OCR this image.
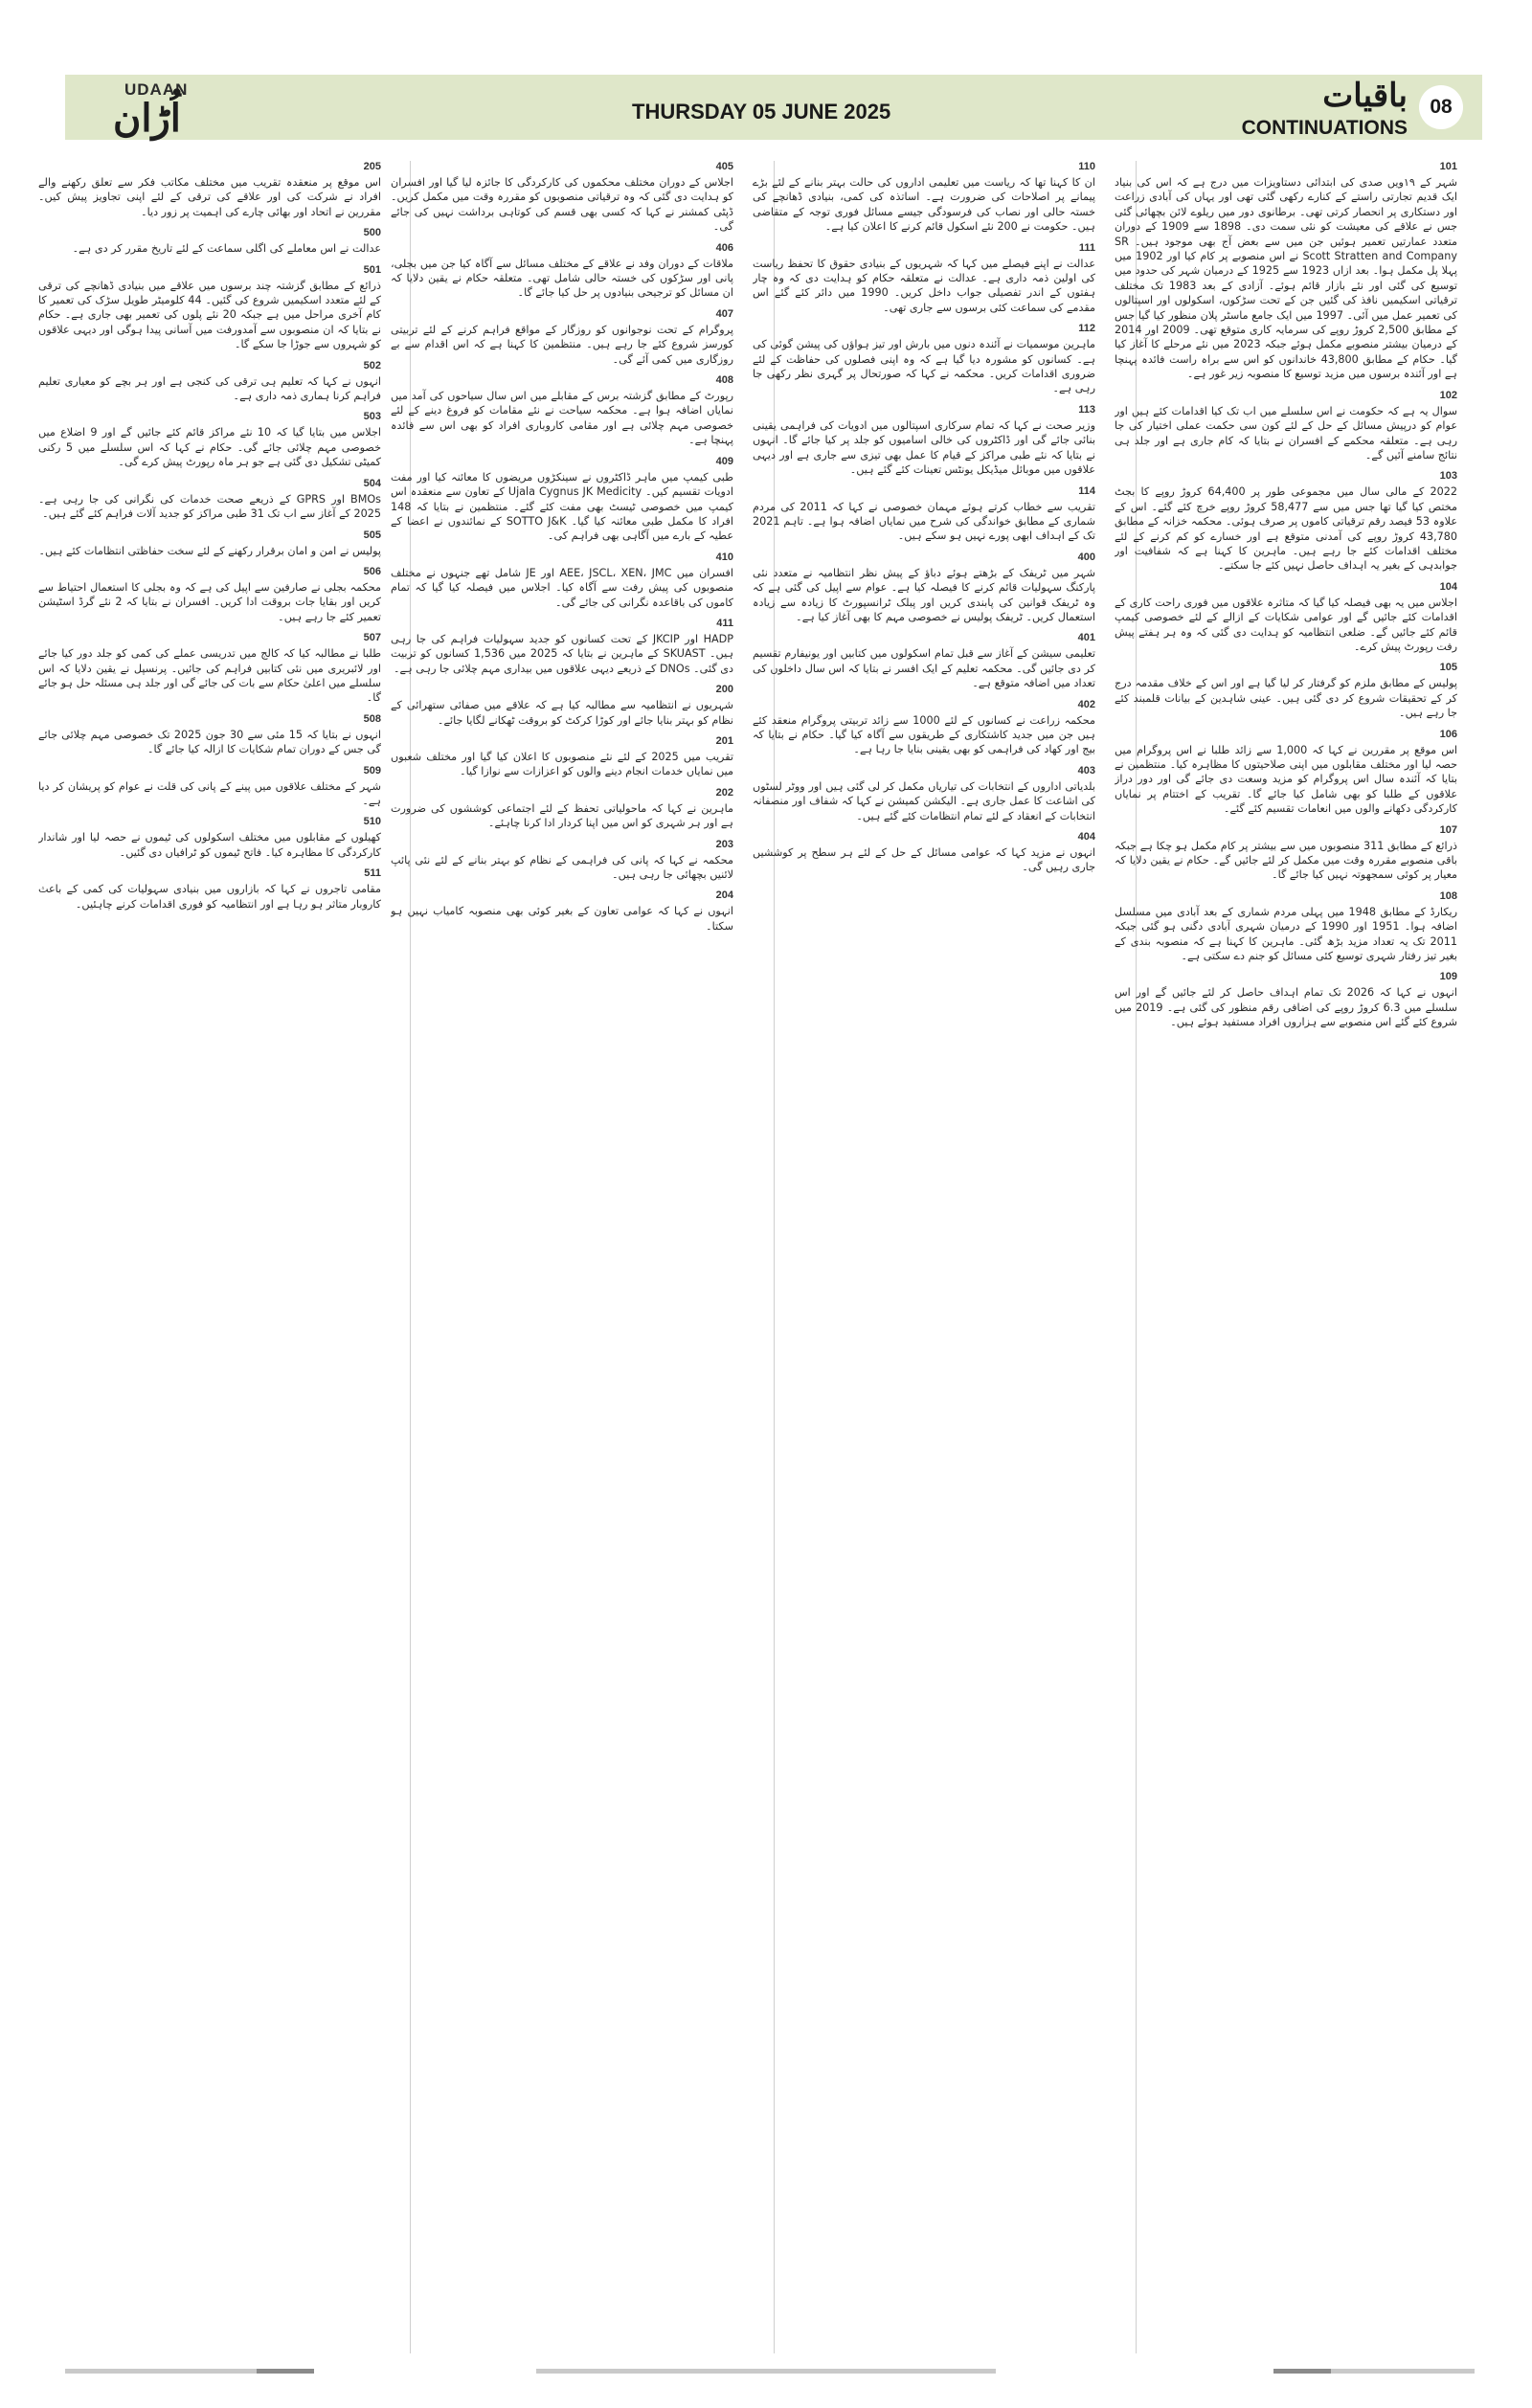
UDAAN
اُڑان	THURSDAY 05 JUNE 2025	باقیات
CONTINUATIONS
08
101
شہر کے ۱۹ویں صدی کی ابتدائی دستاویزات میں درج ہے کہ اس کی بنیاد ایک قدیم تجارتی راستے کے کنارے رکھی گئی تھی اور یہاں کی آبادی زراعت اور دستکاری پر انحصار کرتی تھی۔ برطانوی دور میں ریلوے لائن بچھائی گئی جس نے علاقے کی معیشت کو نئی سمت دی۔ 1898 سے 1909 کے دوران متعدد عمارتیں تعمیر ہوئیں جن میں سے بعض آج بھی موجود ہیں۔ SR Scott Stratten and Company نے اس منصوبے پر کام کیا اور 1902 میں پہلا پل مکمل ہوا۔ بعد ازاں 1923 سے 1925 کے درمیان شہر کی حدود میں توسیع کی گئی اور نئے بازار قائم ہوئے۔ آزادی کے بعد 1983 تک مختلف ترقیاتی اسکیمیں نافذ کی گئیں جن کے تحت سڑکوں، اسکولوں اور اسپتالوں کی تعمیر عمل میں آئی۔ 1997 میں ایک جامع ماسٹر پلان منظور کیا گیا جس کے مطابق 2,500 کروڑ روپے کی سرمایہ کاری متوقع تھی۔ 2009 اور 2014 کے درمیان بیشتر منصوبے مکمل ہوئے جبکہ 2023 میں نئے مرحلے کا آغاز کیا گیا۔ حکام کے مطابق 43,800 خاندانوں کو اس سے براہ راست فائدہ پہنچا ہے اور آئندہ برسوں میں مزید توسیع کا منصوبہ زیر غور ہے۔
102
سوال یہ ہے کہ حکومت نے اس سلسلے میں اب تک کیا اقدامات کئے ہیں اور عوام کو درپیش مسائل کے حل کے لئے کون سی حکمت عملی اختیار کی جا رہی ہے۔ متعلقہ محکمے کے افسران نے بتایا کہ کام جاری ہے اور جلد ہی نتائج سامنے آئیں گے۔
103
2022 کے مالی سال میں مجموعی طور پر 64,400 کروڑ روپے کا بجٹ مختص کیا گیا تھا جس میں سے 58,477 کروڑ روپے خرچ کئے گئے۔ اس کے علاوہ 53 فیصد رقم ترقیاتی کاموں پر صرف ہوئی۔ محکمہ خزانہ کے مطابق 43,780 کروڑ روپے کی آمدنی متوقع ہے اور خسارے کو کم کرنے کے لئے مختلف اقدامات کئے جا رہے ہیں۔ ماہرین کا کہنا ہے کہ شفافیت اور جوابدہی کے بغیر یہ اہداف حاصل نہیں کئے جا سکتے۔
104
اجلاس میں یہ بھی فیصلہ کیا گیا کہ متاثرہ علاقوں میں فوری راحت کاری کے اقدامات کئے جائیں گے اور عوامی شکایات کے ازالے کے لئے خصوصی کیمپ قائم کئے جائیں گے۔ ضلعی انتظامیہ کو ہدایت دی گئی کہ وہ ہر ہفتے پیش رفت رپورٹ پیش کرے۔
105
پولیس کے مطابق ملزم کو گرفتار کر لیا گیا ہے اور اس کے خلاف مقدمہ درج کر کے تحقیقات شروع کر دی گئی ہیں۔ عینی شاہدین کے بیانات قلمبند کئے جا رہے ہیں۔
106
اس موقع پر مقررین نے کہا کہ 1,000 سے زائد طلبا نے اس پروگرام میں حصہ لیا اور مختلف مقابلوں میں اپنی صلاحیتوں کا مظاہرہ کیا۔ منتظمین نے بتایا کہ آئندہ سال اس پروگرام کو مزید وسعت دی جائے گی اور دور دراز علاقوں کے طلبا کو بھی شامل کیا جائے گا۔ تقریب کے اختتام پر نمایاں کارکردگی دکھانے والوں میں انعامات تقسیم کئے گئے۔
107
ذرائع کے مطابق 311 منصوبوں میں سے بیشتر پر کام مکمل ہو چکا ہے جبکہ باقی منصوبے مقررہ وقت میں مکمل کر لئے جائیں گے۔ حکام نے یقین دلایا کہ معیار پر کوئی سمجھوتہ نہیں کیا جائے گا۔
108
ریکارڈ کے مطابق 1948 میں پہلی مردم شماری کے بعد آبادی میں مسلسل اضافہ ہوا۔ 1951 اور 1990 کے درمیان شہری آبادی دگنی ہو گئی جبکہ 2011 تک یہ تعداد مزید بڑھ گئی۔ ماہرین کا کہنا ہے کہ منصوبہ بندی کے بغیر تیز رفتار شہری توسیع کئی مسائل کو جنم دے سکتی ہے۔
109
انہوں نے کہا کہ 2026 تک تمام اہداف حاصل کر لئے جائیں گے اور اس سلسلے میں 6.3 کروڑ روپے کی اضافی رقم منظور کی گئی ہے۔ 2019 میں شروع کئے گئے اس منصوبے سے ہزاروں افراد مستفید ہوئے ہیں۔
110
ان کا کہنا تھا کہ ریاست میں تعلیمی اداروں کی حالت بہتر بنانے کے لئے بڑے پیمانے پر اصلاحات کی ضرورت ہے۔ اساتذہ کی کمی، بنیادی ڈھانچے کی خستہ حالی اور نصاب کی فرسودگی جیسے مسائل فوری توجہ کے متقاضی ہیں۔ حکومت نے 200 نئے اسکول قائم کرنے کا اعلان کیا ہے۔
111
عدالت نے اپنے فیصلے میں کہا کہ شہریوں کے بنیادی حقوق کا تحفظ ریاست کی اولین ذمہ داری ہے۔ عدالت نے متعلقہ حکام کو ہدایت دی کہ وہ چار ہفتوں کے اندر تفصیلی جواب داخل کریں۔ 1990 میں دائر کئے گئے اس مقدمے کی سماعت کئی برسوں سے جاری تھی۔
112
ماہرین موسمیات نے آئندہ دنوں میں بارش اور تیز ہواؤں کی پیشن گوئی کی ہے۔ کسانوں کو مشورہ دیا گیا ہے کہ وہ اپنی فصلوں کی حفاظت کے لئے ضروری اقدامات کریں۔ محکمہ نے کہا کہ صورتحال پر گہری نظر رکھی جا رہی ہے۔
113
وزیر صحت نے کہا کہ تمام سرکاری اسپتالوں میں ادویات کی فراہمی یقینی بنائی جائے گی اور ڈاکٹروں کی خالی اسامیوں کو جلد پر کیا جائے گا۔ انہوں نے بتایا کہ نئے طبی مراکز کے قیام کا عمل بھی تیزی سے جاری ہے اور دیہی علاقوں میں موبائل میڈیکل یونٹس تعینات کئے گئے ہیں۔
114
تقریب سے خطاب کرتے ہوئے مہمان خصوصی نے کہا کہ 2011 کی مردم شماری کے مطابق خواندگی کی شرح میں نمایاں اضافہ ہوا ہے۔ تاہم 2021 تک کے اہداف ابھی پورے نہیں ہو سکے ہیں۔
400
شہر میں ٹریفک کے بڑھتے ہوئے دباؤ کے پیش نظر انتظامیہ نے متعدد نئی پارکنگ سہولیات قائم کرنے کا فیصلہ کیا ہے۔ عوام سے اپیل کی گئی ہے کہ وہ ٹریفک قوانین کی پابندی کریں اور پبلک ٹرانسپورٹ کا زیادہ سے زیادہ استعمال کریں۔ ٹریفک پولیس نے خصوصی مہم کا بھی آغاز کیا ہے۔
401
تعلیمی سیشن کے آغاز سے قبل تمام اسکولوں میں کتابیں اور یونیفارم تقسیم کر دی جائیں گی۔ محکمہ تعلیم کے ایک افسر نے بتایا کہ اس سال داخلوں کی تعداد میں اضافہ متوقع ہے۔
402
محکمہ زراعت نے کسانوں کے لئے 1000 سے زائد تربیتی پروگرام منعقد کئے ہیں جن میں جدید کاشتکاری کے طریقوں سے آگاہ کیا گیا۔ حکام نے بتایا کہ بیج اور کھاد کی فراہمی کو بھی یقینی بنایا جا رہا ہے۔
403
بلدیاتی اداروں کے انتخابات کی تیاریاں مکمل کر لی گئی ہیں اور ووٹر لسٹوں کی اشاعت کا عمل جاری ہے۔ الیکشن کمیشن نے کہا کہ شفاف اور منصفانہ انتخابات کے انعقاد کے لئے تمام انتظامات کئے گئے ہیں۔
404
انہوں نے مزید کہا کہ عوامی مسائل کے حل کے لئے ہر سطح پر کوششیں جاری رہیں گی۔
405
اجلاس کے دوران مختلف محکموں کی کارکردگی کا جائزہ لیا گیا اور افسران کو ہدایت دی گئی کہ وہ ترقیاتی منصوبوں کو مقررہ وقت میں مکمل کریں۔ ڈپٹی کمشنر نے کہا کہ کسی بھی قسم کی کوتاہی برداشت نہیں کی جائے گی۔
406
ملاقات کے دوران وفد نے علاقے کے مختلف مسائل سے آگاہ کیا جن میں بجلی، پانی اور سڑکوں کی خستہ حالی شامل تھی۔ متعلقہ حکام نے یقین دلایا کہ ان مسائل کو ترجیحی بنیادوں پر حل کیا جائے گا۔
407
پروگرام کے تحت نوجوانوں کو روزگار کے مواقع فراہم کرنے کے لئے تربیتی کورسز شروع کئے جا رہے ہیں۔ منتظمین کا کہنا ہے کہ اس اقدام سے بے روزگاری میں کمی آئے گی۔
408
رپورٹ کے مطابق گزشتہ برس کے مقابلے میں اس سال سیاحوں کی آمد میں نمایاں اضافہ ہوا ہے۔ محکمہ سیاحت نے نئے مقامات کو فروغ دینے کے لئے خصوصی مہم چلائی ہے اور مقامی کاروباری افراد کو بھی اس سے فائدہ پہنچا ہے۔
409
طبی کیمپ میں ماہر ڈاکٹروں نے سینکڑوں مریضوں کا معائنہ کیا اور مفت ادویات تقسیم کیں۔ Ujala Cygnus JK Medicity کے تعاون سے منعقدہ اس کیمپ میں خصوصی ٹیسٹ بھی مفت کئے گئے۔ منتظمین نے بتایا کہ 148 افراد کا مکمل طبی معائنہ کیا گیا۔ SOTTO J&K کے نمائندوں نے اعضا کے عطیہ کے بارے میں آگاہی بھی فراہم کی۔
410
افسران میں AEE، JSCL، XEN، JMC اور JE شامل تھے جنہوں نے مختلف منصوبوں کی پیش رفت سے آگاہ کیا۔ اجلاس میں فیصلہ کیا گیا کہ تمام کاموں کی باقاعدہ نگرانی کی جائے گی۔
411
HADP اور JKCIP کے تحت کسانوں کو جدید سہولیات فراہم کی جا رہی ہیں۔ SKUAST کے ماہرین نے بتایا کہ 2025 میں 1,536 کسانوں کو تربیت دی گئی۔ DNOs کے ذریعے دیہی علاقوں میں بیداری مہم چلائی جا رہی ہے۔
200
شہریوں نے انتظامیہ سے مطالبہ کیا ہے کہ علاقے میں صفائی ستھرائی کے نظام کو بہتر بنایا جائے اور کوڑا کرکٹ کو بروقت ٹھکانے لگایا جائے۔
201
تقریب میں 2025 کے لئے نئے منصوبوں کا اعلان کیا گیا اور مختلف شعبوں میں نمایاں خدمات انجام دینے والوں کو اعزازات سے نوازا گیا۔
202
ماہرین نے کہا کہ ماحولیاتی تحفظ کے لئے اجتماعی کوششوں کی ضرورت ہے اور ہر شہری کو اس میں اپنا کردار ادا کرنا چاہئے۔
203
محکمہ نے کہا کہ پانی کی فراہمی کے نظام کو بہتر بنانے کے لئے نئی پائپ لائنیں بچھائی جا رہی ہیں۔
204
انہوں نے کہا کہ عوامی تعاون کے بغیر کوئی بھی منصوبہ کامیاب نہیں ہو سکتا۔
205
اس موقع پر منعقدہ تقریب میں مختلف مکاتب فکر سے تعلق رکھنے والے افراد نے شرکت کی اور علاقے کی ترقی کے لئے اپنی تجاویز پیش کیں۔ مقررین نے اتحاد اور بھائی چارے کی اہمیت پر زور دیا۔
500
عدالت نے اس معاملے کی اگلی سماعت کے لئے تاریخ مقرر کر دی ہے۔
501
ذرائع کے مطابق گزشتہ چند برسوں میں علاقے میں بنیادی ڈھانچے کی ترقی کے لئے متعدد اسکیمیں شروع کی گئیں۔ 44 کلومیٹر طویل سڑک کی تعمیر کا کام آخری مراحل میں ہے جبکہ 20 نئے پلوں کی تعمیر بھی جاری ہے۔ حکام نے بتایا کہ ان منصوبوں سے آمدورفت میں آسانی پیدا ہوگی اور دیہی علاقوں کو شہروں سے جوڑا جا سکے گا۔
502
انہوں نے کہا کہ تعلیم ہی ترقی کی کنجی ہے اور ہر بچے کو معیاری تعلیم فراہم کرنا ہماری ذمہ داری ہے۔
503
اجلاس میں بتایا گیا کہ 10 نئے مراکز قائم کئے جائیں گے اور 9 اضلاع میں خصوصی مہم چلائی جائے گی۔ حکام نے کہا کہ اس سلسلے میں 5 رکنی کمیٹی تشکیل دی گئی ہے جو ہر ماہ رپورٹ پیش کرے گی۔
504
BMOs اور GPRS کے ذریعے صحت خدمات کی نگرانی کی جا رہی ہے۔ 2025 کے آغاز سے اب تک 31 طبی مراکز کو جدید آلات فراہم کئے گئے ہیں۔
505
پولیس نے امن و امان برقرار رکھنے کے لئے سخت حفاظتی انتظامات کئے ہیں۔
506
محکمہ بجلی نے صارفین سے اپیل کی ہے کہ وہ بجلی کا استعمال احتیاط سے کریں اور بقایا جات بروقت ادا کریں۔ افسران نے بتایا کہ 2 نئے گرڈ اسٹیشن تعمیر کئے جا رہے ہیں۔
507
طلبا نے مطالبہ کیا کہ کالج میں تدریسی عملے کی کمی کو جلد دور کیا جائے اور لائبریری میں نئی کتابیں فراہم کی جائیں۔ پرنسپل نے یقین دلایا کہ اس سلسلے میں اعلیٰ حکام سے بات کی جائے گی اور جلد ہی مسئلہ حل ہو جائے گا۔
508
انہوں نے بتایا کہ 15 مئی سے 30 جون 2025 تک خصوصی مہم چلائی جائے گی جس کے دوران تمام شکایات کا ازالہ کیا جائے گا۔
509
شہر کے مختلف علاقوں میں پینے کے پانی کی قلت نے عوام کو پریشان کر دیا ہے۔
510
کھیلوں کے مقابلوں میں مختلف اسکولوں کی ٹیموں نے حصہ لیا اور شاندار کارکردگی کا مظاہرہ کیا۔ فاتح ٹیموں کو ٹرافیاں دی گئیں۔
511
مقامی تاجروں نے کہا کہ بازاروں میں بنیادی سہولیات کی کمی کے باعث کاروبار متاثر ہو رہا ہے اور انتظامیہ کو فوری اقدامات کرنے چاہئیں۔
